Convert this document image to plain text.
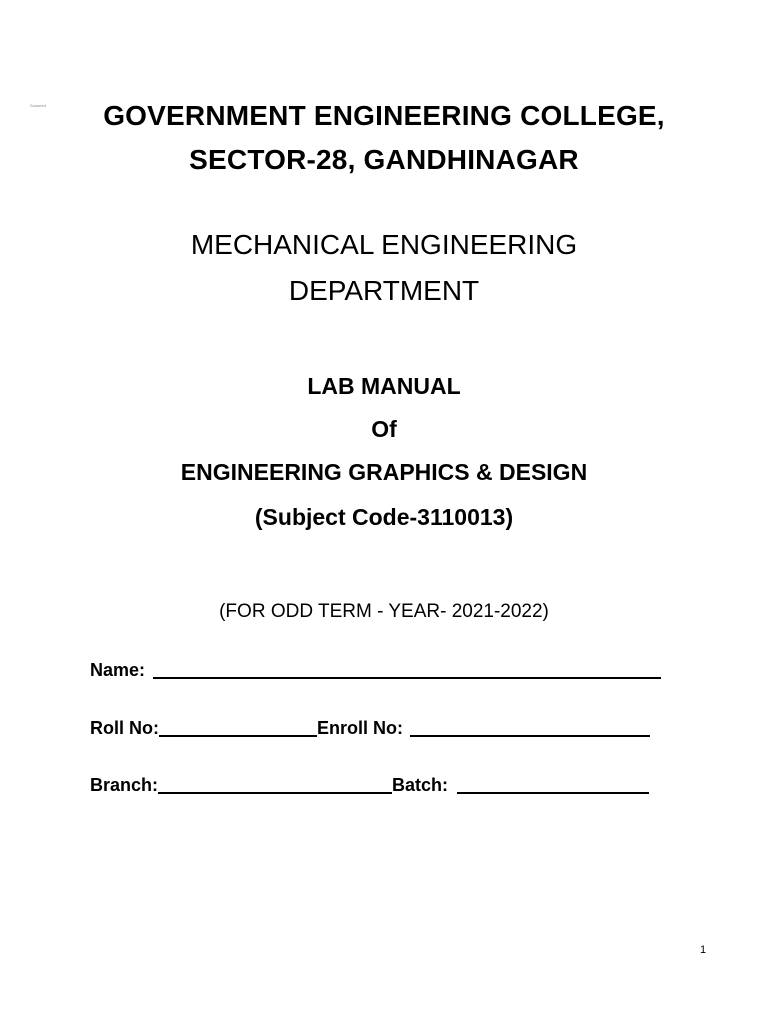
Scanned	GOVERNMENT ENGINEERING COLLEGE,
SECTOR-28, GANDHINAGAR
MECHANICAL ENGINEERING
DEPARTMENT
LAB MANUAL
Of
ENGINEERING GRAPHICS & DESIGN
(Subject Code-3110013)
(FOR ODD TERM - YEAR- 2021-2022)
Name:
Roll No:	Enroll No:
Branch:	Batch:
1
